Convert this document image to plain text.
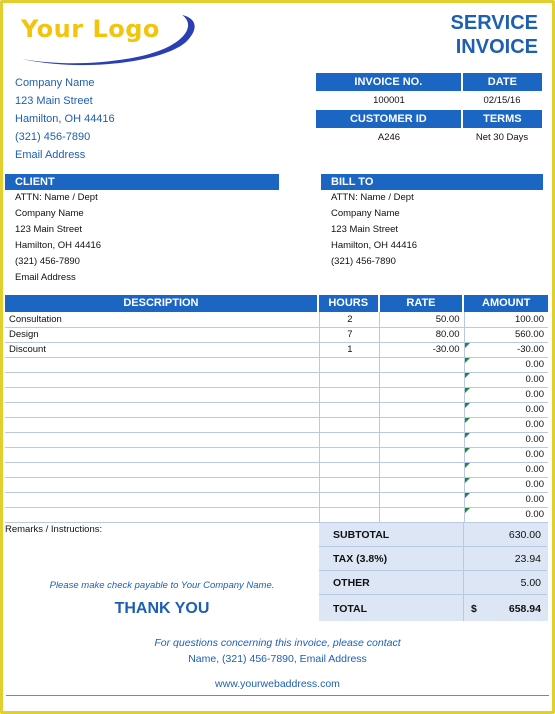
Your Logo	SERVICE
INVOICE
Company Name
123 Main Street
Hamilton, OH 44416
(321) 456-7890
Email Address
INVOICE NO.	DATE
100001	02/15/16
CUSTOMER ID	TERMS
A246	Net 30 Days
CLIENT
ATTN: Name / Dept
Company Name
123 Main Street
Hamilton, OH 44416
(321) 456-7890
Email Address
BILL TO
ATTN: Name / Dept
Company Name
123 Main Street
Hamilton, OH 44416
(321) 456-7890
DESCRIPTION	HOURS	RATE	AMOUNT
Consultation	2	50.00	100.00
Design	7	80.00	560.00
Discount	1	-30.00	-30.00

			0.00

			0.00

			0.00

			0.00

			0.00

			0.00

			0.00

			0.00

			0.00

			0.00

			0.00
Remarks / Instructions:
Please make check payable to Your Company Name.
THANK YOU
SUBTOTAL	630.00
TAX (3.8%)	23.94
OTHER	5.00
TOTAL	$	658.94
For questions concerning this invoice, please contact
Name, (321) 456-7890, Email Address
www.yourwebaddress.com
